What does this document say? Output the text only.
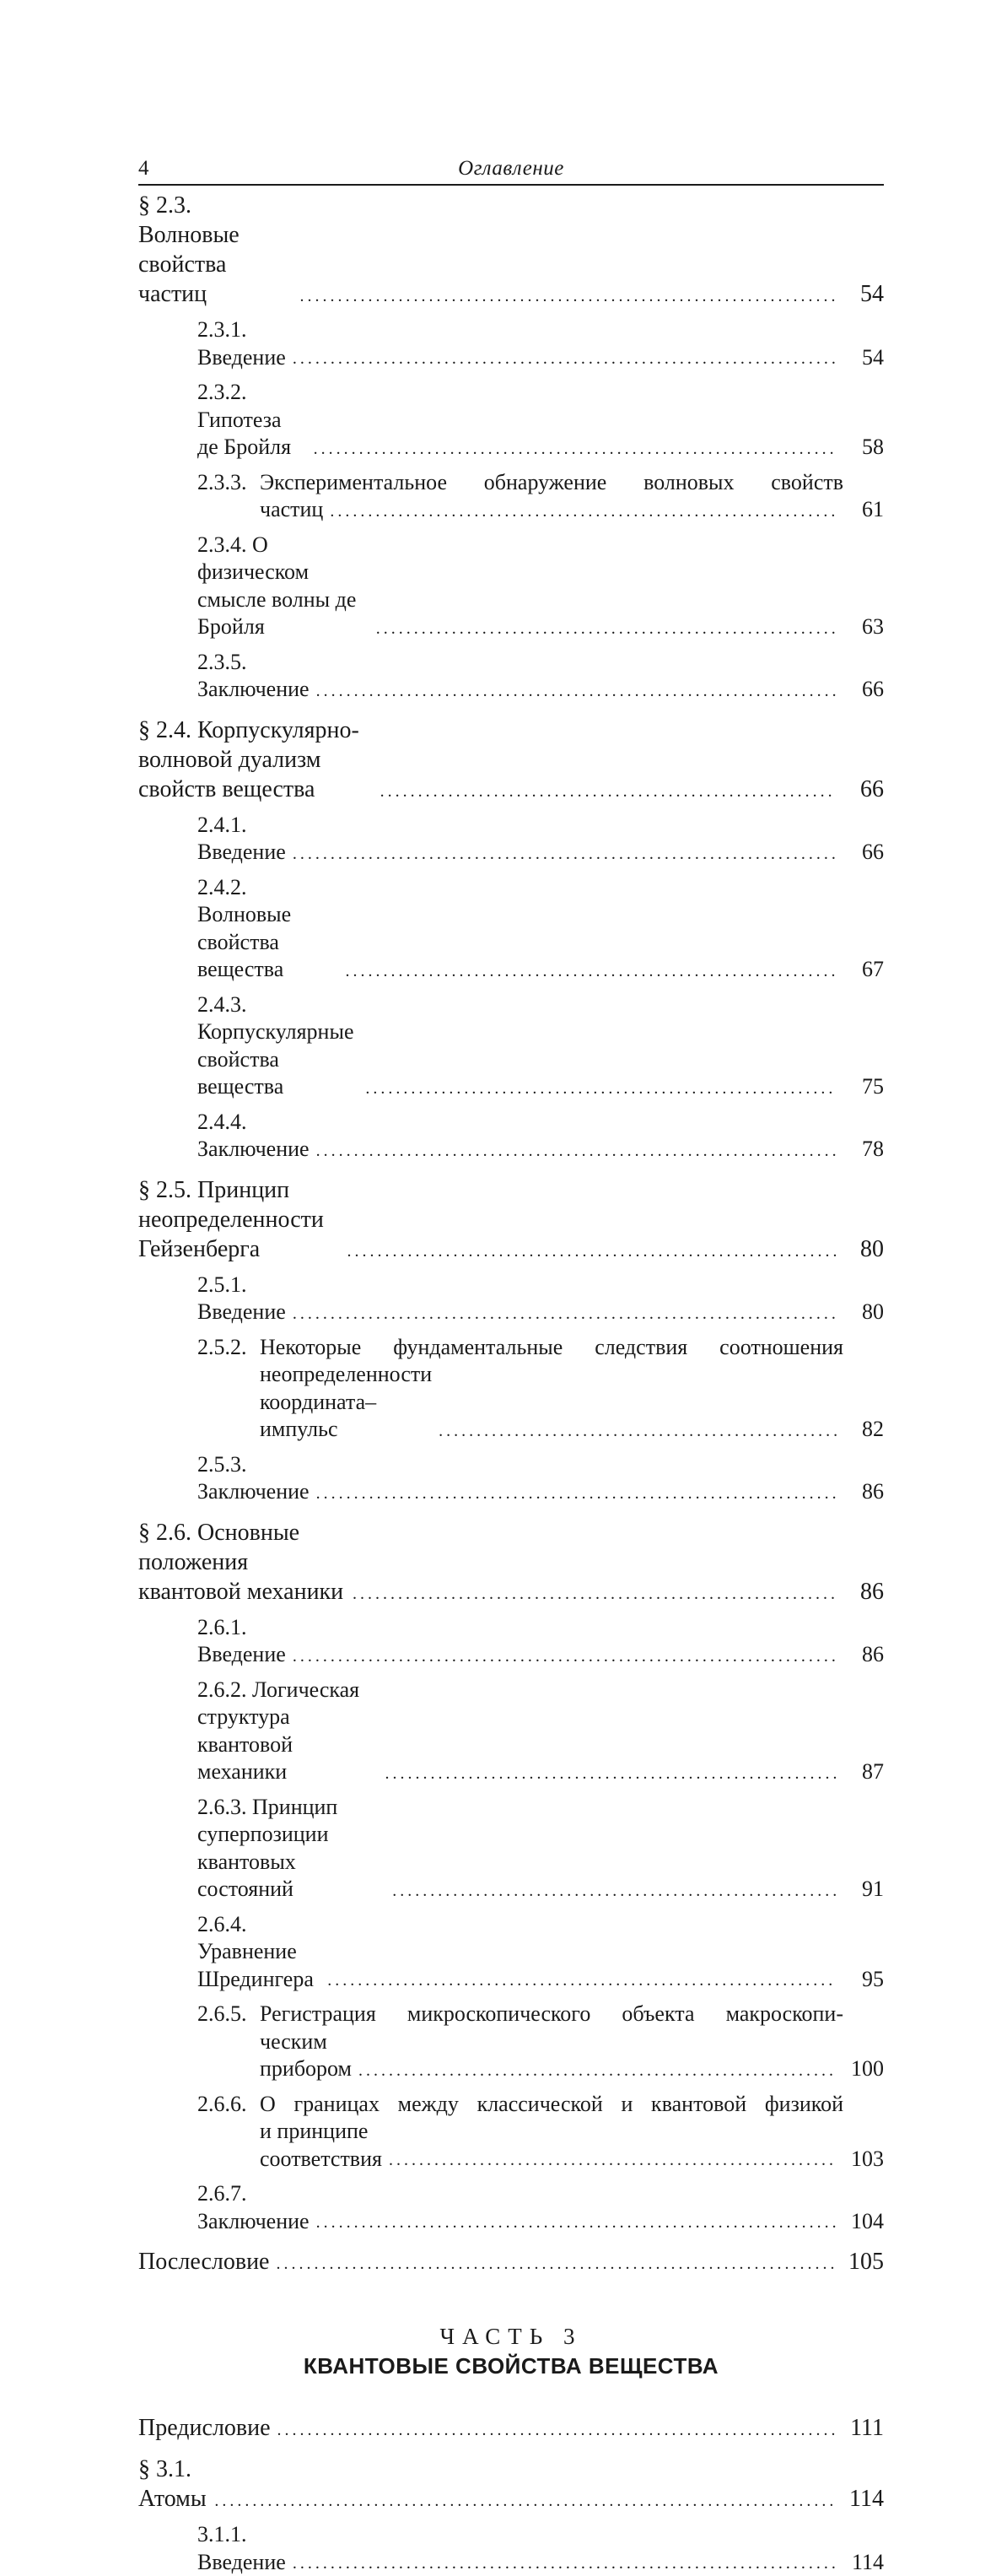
4	Оглавление
§ 2.3. Волновые свойства частиц .....	54
2.3.1. Введение .....	54
2.3.2. Гипотеза де Бройля .....	58
2.3.3. Экспериментальное обнаружение волновых свойств
частиц .....	61
2.3.4. О физическом смысле волны де Бройля .....	63
2.3.5. Заключение .....	66
§ 2.4. Корпускулярно-волновой дуализм свойств вещества .....	66
2.4.1. Введение .....	66
2.4.2. Волновые свойства вещества .....	67
2.4.3. Корпускулярные свойства вещества .....	75
2.4.4. Заключение .....	78
§ 2.5. Принцип неопределенности Гейзенберга .....	80
2.5.1. Введение .....	80
2.5.2. Некоторые фундаментальные следствия соотношения
неопределенности координата–импульс .....	82
2.5.3. Заключение .....	86
§ 2.6. Основные положения квантовой механики .....	86
2.6.1. Введение .....	86
2.6.2. Логическая структура квантовой механики .....	87
2.6.3. Принцип суперпозиции квантовых состояний .....	91
2.6.4. Уравнение Шредингера .....	95
2.6.5. Регистрация микроскопического объекта макроскопи-
ческим прибором .....	100
2.6.6. О границах между классической и квантовой физикой
и принципе соответствия .....	103
2.6.7. Заключение .....	104
Послесловие .....	105
ЧАСТЬ 3
КВАНТОВЫЕ СВОЙСТВА ВЕЩЕСТВА
Предисловие .....	111
§ 3.1. Атомы .....	114
3.1.1. Введение .....	114
